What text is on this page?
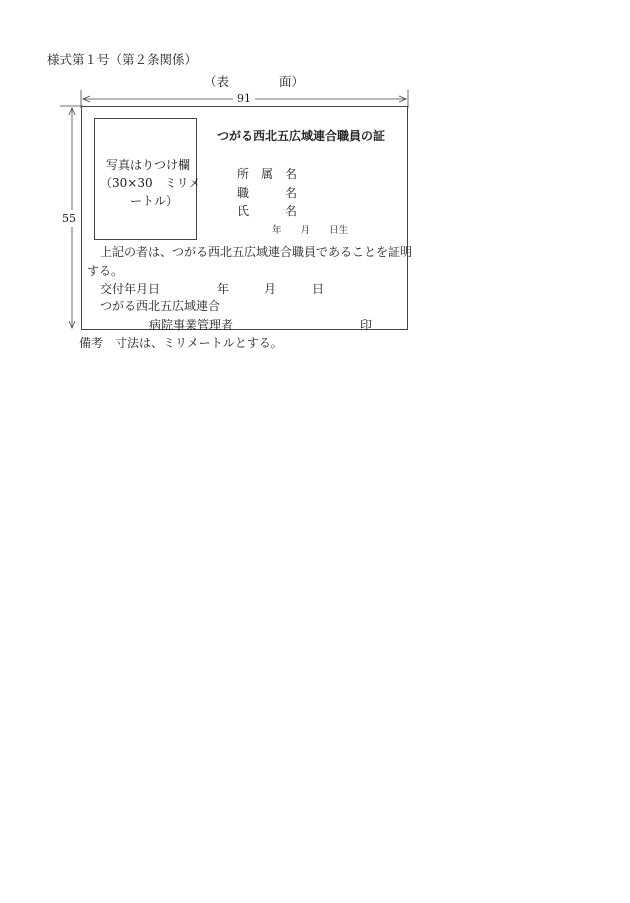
様式第１号（第２条関係）
（表　　　　面）
91
55
写真はりつけ欄
（30×30　ミリメ
ートル）
つがる西北五広域連合職員の証
所　属　名
職　　　名
氏　　　名
年　　月　　日生
上記の者は、つがる西北五広域連合職員であることを証明
する。
交付年月日	年	月	日
つがる西北五広域連合
病院事業管理者	印
備考　寸法は、ミリメートルとする。
